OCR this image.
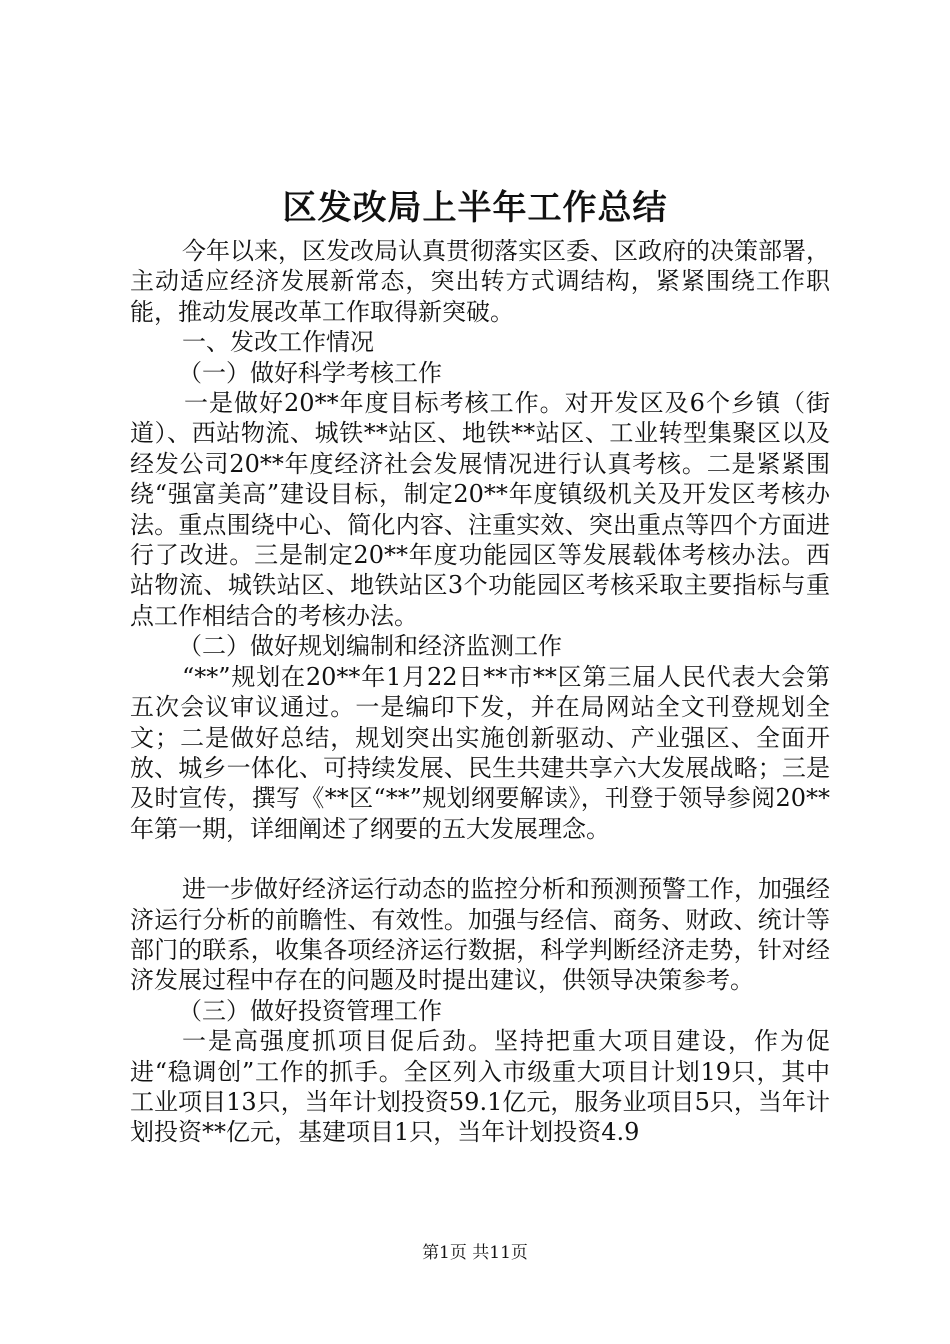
区发改局上半年工作总结

今年以来，区发改局认真贯彻落实区委、区政府的决策部署，主动适应经济发展新常态，突出转方式调结构，紧紧围绕工作职能，推动发展改革工作取得新突破。

一、发改工作情况

（一）做好科学考核工作

一是做好20**年度目标考核工作。对开发区及6个乡镇（街道）、西站物流、城铁**站区、地铁**站区、工业转型集聚区以及经发公司20**年度经济社会发展情况进行认真考核。二是紧紧围绕“强富美高”建设目标，制定20**年度镇级机关及开发区考核办法。重点围绕中心、简化内容、注重实效、突出重点等四个方面进行了改进。三是制定20**年度功能园区等发展载体考核办法。西站物流、城铁站区、地铁站区3个功能园区考核采取主要指标与重点工作相结合的考核办法。

（二）做好规划编制和经济监测工作

“**”规划在20**年1月22日**市**区第三届人民代表大会第五次会议审议通过。一是编印下发，并在局网站全文刊登规划全文；二是做好总结，规划突出实施创新驱动、产业强区、全面开放、城乡一体化、可持续发展、民生共建共享六大发展战略；三是及时宣传，撰写《**区“**”规划纲要解读》，刊登于领导参阅20**年第一期，详细阐述了纲要的五大发展理念。

进一步做好经济运行动态的监控分析和预测预警工作，加强经济运行分析的前瞻性、有效性。加强与经信、商务、财政、统计等部门的联系，收集各项经济运行数据，科学判断经济走势，针对经济发展过程中存在的问题及时提出建议，供领导决策参考。

（三）做好投资管理工作

一是高强度抓项目促后劲。坚持把重大项目建设，作为促进“稳调创”工作的抓手。全区列入市级重大项目计划19只，其中工业项目13只，当年计划投资59.1亿元，服务业项目5只，当年计划投资**亿元，基建项目1只，当年计划投资4.9

第1页 共11页
